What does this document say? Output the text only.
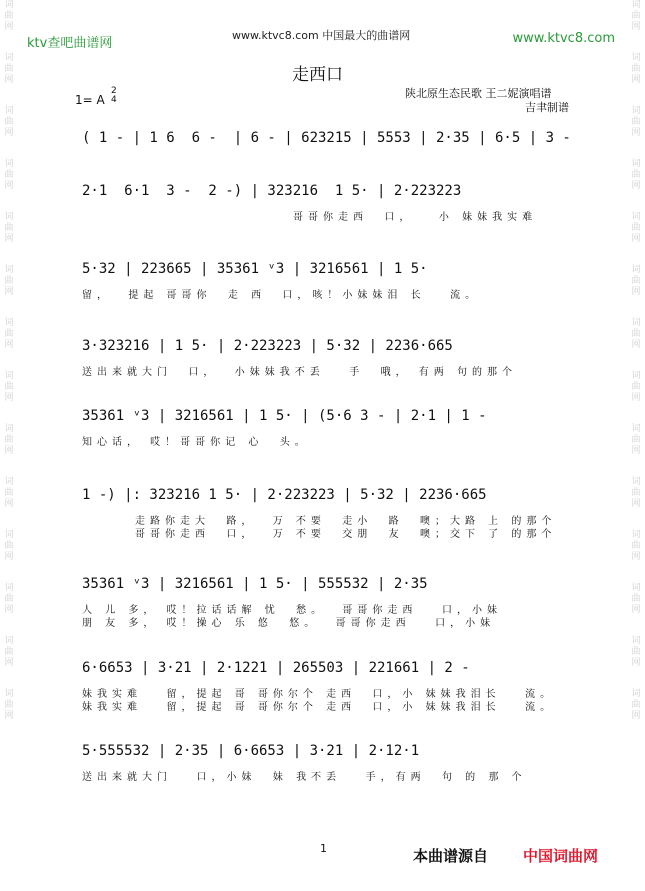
词
曲
网
词
曲
网
词
曲
网
词
曲
网
词
曲
网
词
曲
网
词
曲
网
词
曲
网
词
曲
网
词
曲
网
词
曲
网
词
曲
网
词
曲
网
词
曲
网
词
曲
网
词
曲
网
词
曲
网
词
曲
网
词
曲
网
词
曲
网
词
曲
网
词
曲
网
词
曲
网
词
曲
网
词
曲
网
词
曲
网
词
曲
网
词
曲
网
ktv查吧曲谱网
www.ktvc8.com 中国最大的曲谱网	www.ktvc8.com
走西口
1= A
2
4	陕北原生态民歌 王二妮演唱谱
吉聿制谱
( 1 - | 1 6  6 -  | 6 - | 623215 | 5553 | 2·35 | 6·5 | 3 -
2·1  6·1  3 -  2 -) | 323216  1 5· | 2·223223
哥哥你走西  口，   小 妹妹我实难
5·32 | 223665 | 35361 ᵛ3 | 3216561 | 1 5·
留，  提起 哥哥你  走 西  口，咳！小妹妹泪 长   流。
3·323216 | 1 5· | 2·223223 | 5·32 | 2236·665
送出来就大门  口，  小妹妹我不丢   手  哦， 有两 句的那个
35361 ᵛ3 | 3216561 | 1 5· | (5·6 3 - | 2·1 | 1 -
知心话， 哎！哥哥你记 心  头。
1 -) |: 323216 1 5· | 2·223223 | 5·32 | 2236·665
走路你走大  路，  万 不要  走小  路  噢；大路 上 的那个
哥哥你走西  口，  万 不要  交朋  友  噢；交下 了 的那个
35361 ᵛ3 | 3216561 | 1 5· | 555532 | 2·35
人 儿 多， 哎！拉话话解 忧  愁。  哥哥你走西   口，小妹
朋 友 多， 哎！操心 乐 悠  悠。  哥哥你走西   口，小妹
6·6653 | 3·21 | 2·1221 | 265503 | 221661 | 2 -
妹我实难   留，提起 哥 哥你尔个 走西  口，小 妹妹我泪长   流。
妹我实难   留，提起 哥 哥你尔个 走西  口，小 妹妹我泪长   流。
5·555532 | 2·35 | 6·6653 | 3·21 | 2·12·1
送出来就大门   口，小妹  妹 我不丢   手，有两  句 的 那 个
1	本曲谱源自 中国词曲网
